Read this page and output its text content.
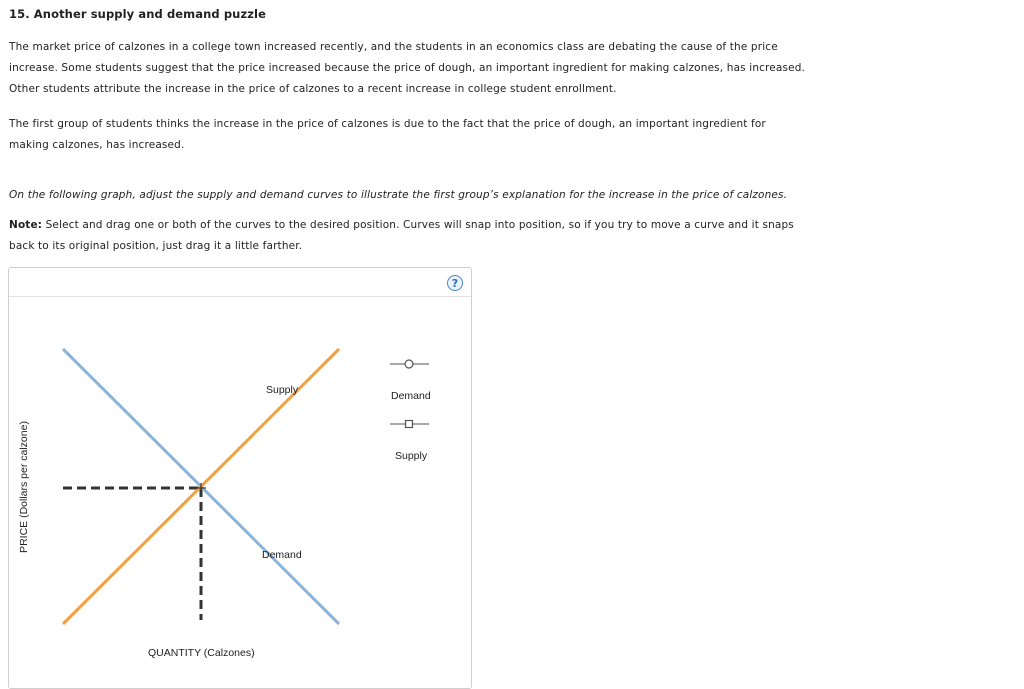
15. Another supply and demand puzzle
The market price of calzones in a college town increased recently, and the students in an economics class are debating the cause of the price increase. Some students suggest that the price increased because the price of dough, an important ingredient for making calzones, has increased. Other students attribute the increase in the price of calzones to a recent increase in college student enrollment.
The first group of students thinks the increase in the price of calzones is due to the fact that the price of dough, an important ingredient for making calzones, has increased.
On the following graph, adjust the supply and demand curves to illustrate the first group’s explanation for the increase in the price of calzones.
Note: Select and drag one or both of the curves to the desired position. Curves will snap into position, so if you try to move a curve and it snaps back to its original position, just drag it a little farther.
?
PRICE (Dollars per calzone)
Supply
Demand
QUANTITY (Calzones)
Demand
Supply
